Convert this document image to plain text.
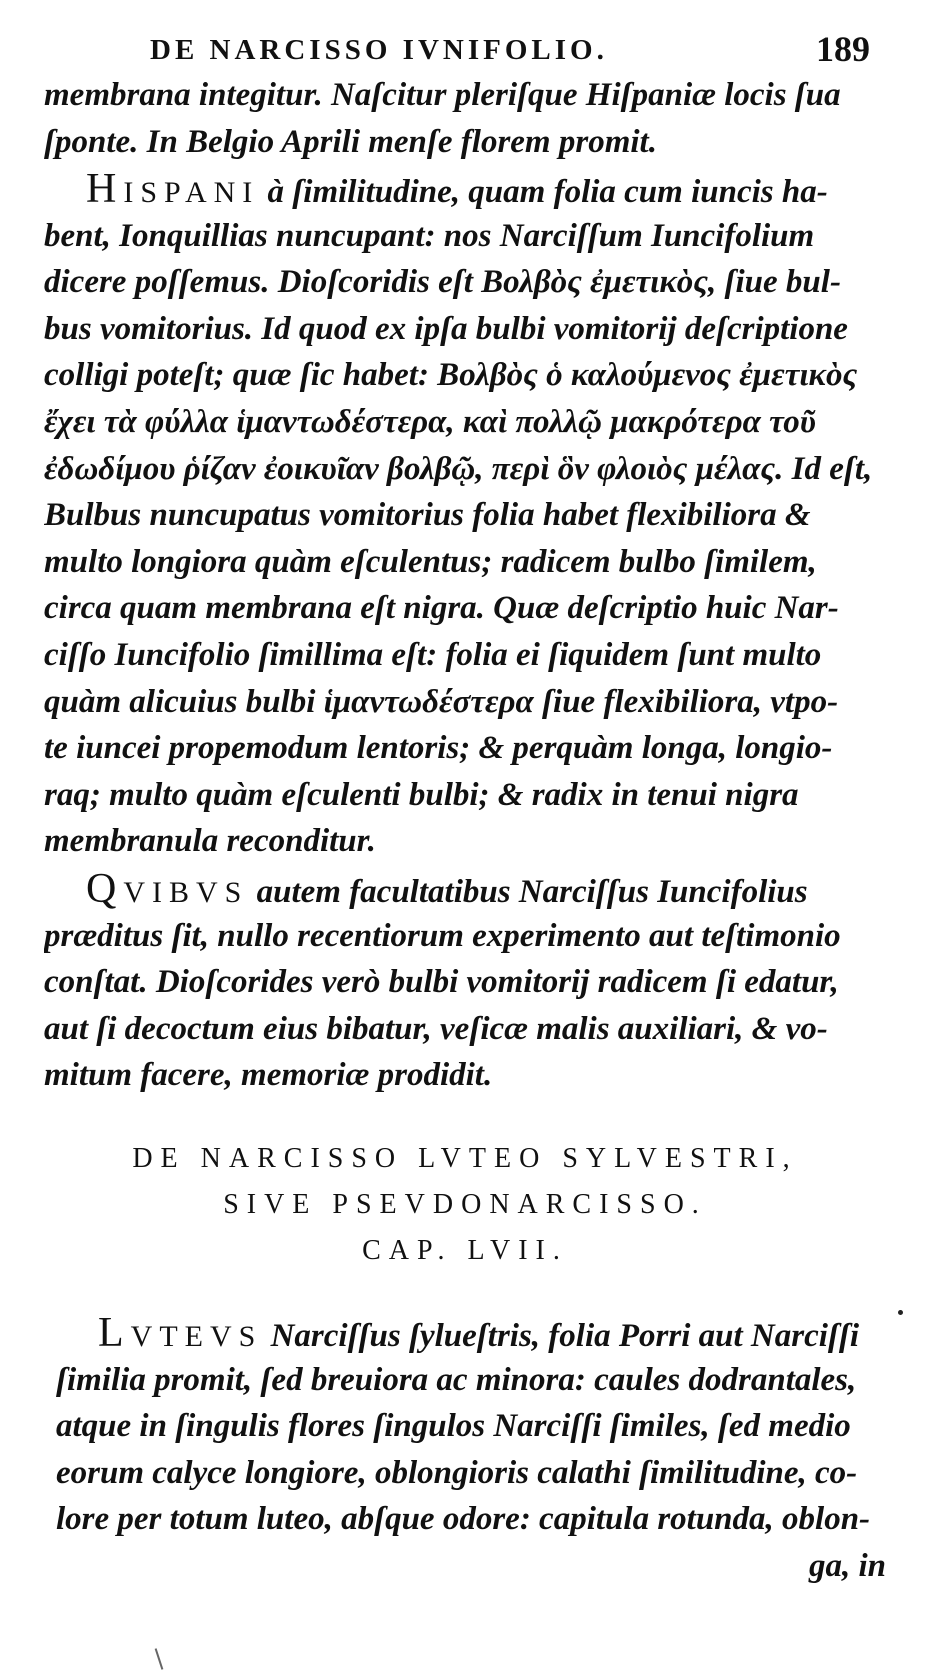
DE NARCISSO IVNIFOLIO.	189
membrana integitur. Naſcitur pleriſque Hiſpaniæ locis ſua
ſponte. In Belgio Aprili menſe florem promit.
HISPANI à ſimilitudine, quam folia cum iuncis ha-
bent, Ionquillias nuncupant: nos Narciſſum Iuncifolium
dicere poſſemus. Dioſcoridis eſt Βολβὸς ἐμετικὸς, ſiue bul-
bus vomitorius. Id quod ex ipſa bulbi vomitorij deſcriptione
colligi poteſt; quæ ſic habet: Βολβὸς ὁ καλούμενος ἐμετικὸς
ἔχει τὰ φύλλα ἱμαντωδέστερα, καὶ πολλῷ μακρότερα τοῦ
ἐδωδίμου ῥίζαν ἐοικυῖαν βολβῷ, περὶ ὃν φλοιὸς μέλας. Id eſt,
Bulbus nuncupatus vomitorius folia habet flexibiliora &
multo longiora quàm eſculentus; radicem bulbo ſimilem,
circa quam membrana eſt nigra. Quæ deſcriptio huic Nar-
ciſſo Iuncifolio ſimillima eſt: folia ei ſiquidem ſunt multo
quàm alicuius bulbi ἱμαντωδέστερα ſiue flexibiliora, vtpo-
te iuncei propemodum lentoris; & perquàm longa, longio-
raq; multo quàm eſculenti bulbi; & radix in tenui nigra
membranula reconditur.
QVIBVS autem facultatibus Narciſſus Iuncifolius
præditus ſit, nullo recentiorum experimento aut teſtimonio
conſtat. Dioſcorides verò bulbi vomitorij radicem ſi edatur,
aut ſi decoctum eius bibatur, veſicæ malis auxiliari, & vo-
mitum facere, memoriæ prodidit.
DE NARCISSO LVTEO SYLVESTRI,
SIVE PSEVDONARCISSO.
CAP. LVII.
LVTEVS Narciſſus ſylueſtris, folia Porri aut Narciſſi
ſimilia promit, ſed breuiora ac minora: caules dodrantales,
atque in ſingulis flores ſingulos Narciſſi ſimiles, ſed medio
eorum calyce longiore, oblongioris calathi ſimilitudine, co-
lore per totum luteo, abſque odore: capitula rotunda, oblon-
ga, in
